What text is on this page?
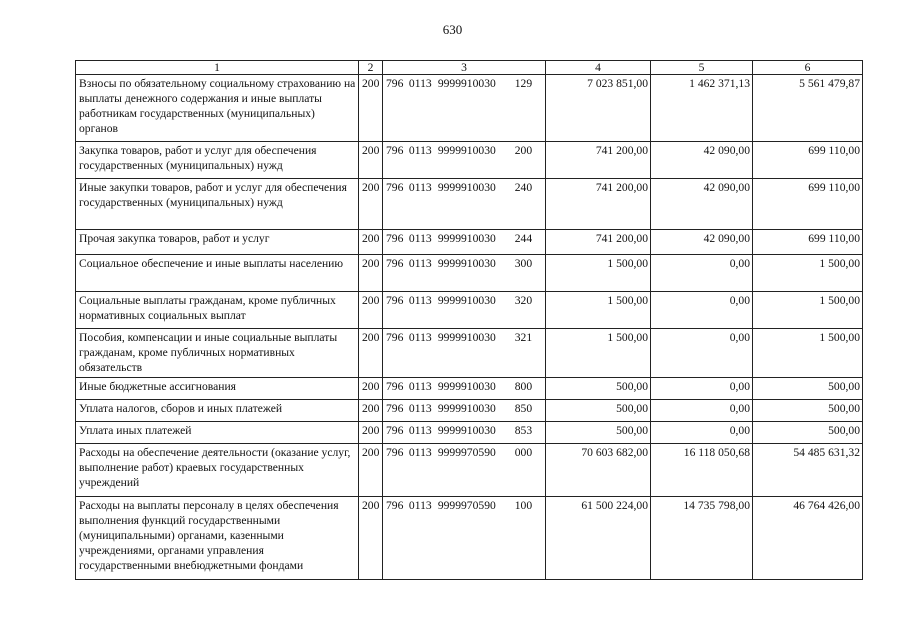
630
1	2	3	4	5	6
Взносы по обязательному социальному страхованию на выплаты денежного содержания и иные выплаты работникам государственных (муниципальных) органов	200	796 0113 9999910030 129	7 023 851,00	1 462 371,13	5 561 479,87
Закупка товаров, работ и услуг для обеспечения государственных (муниципальных) нужд	200	796 0113 9999910030 200	741 200,00	42 090,00	699 110,00
Иные закупки товаров, работ и услуг для обеспечения государственных (муниципальных) нужд	200	796 0113 9999910030 240	741 200,00	42 090,00	699 110,00
Прочая закупка товаров, работ и услуг	200	796 0113 9999910030 244	741 200,00	42 090,00	699 110,00
Социальное обеспечение и иные выплаты населению	200	796 0113 9999910030 300	1 500,00	0,00	1 500,00
Социальные выплаты гражданам, кроме публичных нормативных социальных выплат	200	796 0113 9999910030 320	1 500,00	0,00	1 500,00
Пособия, компенсации и иные социальные выплаты гражданам, кроме публичных нормативных обязательств	200	796 0113 9999910030 321	1 500,00	0,00	1 500,00
Иные бюджетные ассигнования	200	796 0113 9999910030 800	500,00	0,00	500,00
Уплата налогов, сборов и иных платежей	200	796 0113 9999910030 850	500,00	0,00	500,00
Уплата иных платежей	200	796 0113 9999910030 853	500,00	0,00	500,00
Расходы на обеспечение деятельности (оказание услуг, выполнение работ) краевых государственных учреждений	200	796 0113 9999970590 000	70 603 682,00	16 118 050,68	54 485 631,32
Расходы на выплаты персоналу в целях обеспечения выполнения функций государственными (муниципальными) органами, казенными учреждениями, органами управления государственными внебюджетными фондами	200	796 0113 9999970590 100	61 500 224,00	14 735 798,00	46 764 426,00
